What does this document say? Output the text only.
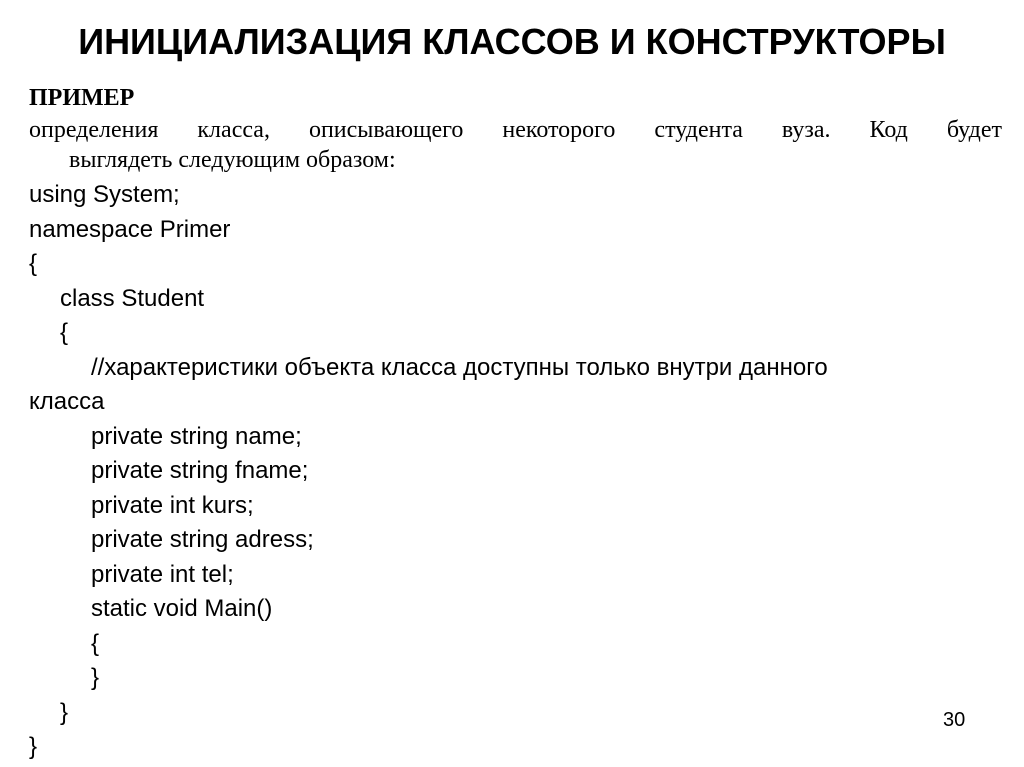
ИНИЦИАЛИЗАЦИЯ КЛАССОВ И КОНСТРУКТОРЫ
ПРИМЕР
определения класса, описывающего некоторого студента вуза. Код будет
выглядеть следующим образом:
using System;
namespace Primer
{
class Student
{
//характеристики объекта класса доступны только внутри данного
класса
private string name;
private string fname;
private int kurs;
private string adress;
private int tel;
static void Main()
{
}
}
}
30
